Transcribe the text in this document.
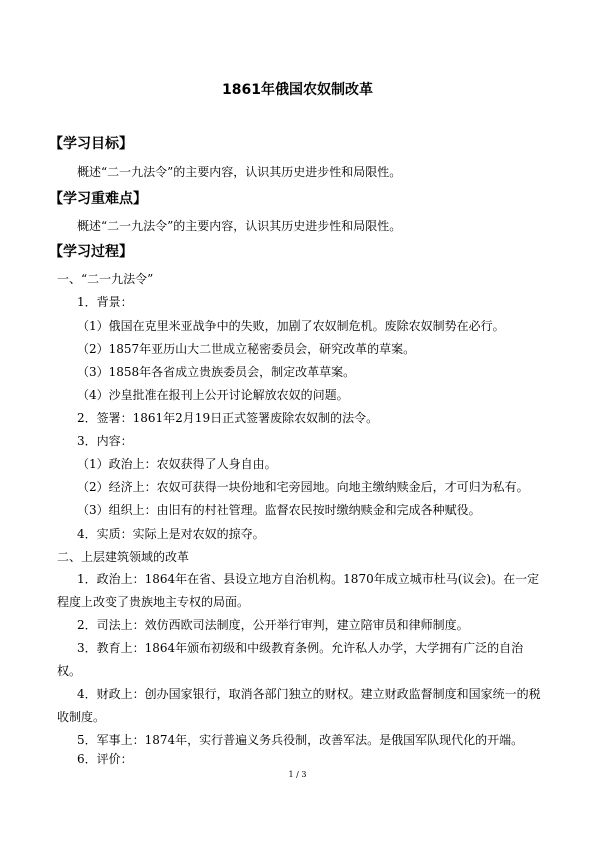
1861年俄国农奴制改革
【学习目标】
概述“二一九法令”的主要内容，认识其历史进步性和局限性。
【学习重难点】
概述“二一九法令”的主要内容，认识其历史进步性和局限性。
【学习过程】
一、“二一九法令”
1．背景：
（1）俄国在克里米亚战争中的失败，加剧了农奴制危机。废除农奴制势在必行。
（2）1857年亚历山大二世成立秘密委员会，研究改革的草案。
（3）1858年各省成立贵族委员会，制定改革草案。
（4）沙皇批准在报刊上公开讨论解放农奴的问题。
2．签署：1861年2月19日正式签署废除农奴制的法令。
3．内容：
（1）政治上：农奴获得了人身自由。
（2）经济上：农奴可获得一块份地和宅旁园地。向地主缴纳赎金后，才可归为私有。
（3）组织上：由旧有的村社管理。监督农民按时缴纳赎金和完成各种赋役。
4．实质：实际上是对农奴的掠夺。
二、上层建筑领域的改革
1．政治上：1864年在省、县设立地方自治机构。1870年成立城市杜马(议会)。在一定程度上改变了贵族地主专权的局面。
2．司法上：效仿西欧司法制度，公开举行审判，建立陪审员和律师制度。
3．教育上：1864年颁布初级和中级教育条例。允许私人办学，大学拥有广泛的自治权。
4．财政上：创办国家银行，取消各部门独立的财权。建立财政监督制度和国家统一的税收制度。
5．军事上：1874年，实行普遍义务兵役制，改善军法。是俄国军队现代化的开端。
6．评价：
1 / 3
